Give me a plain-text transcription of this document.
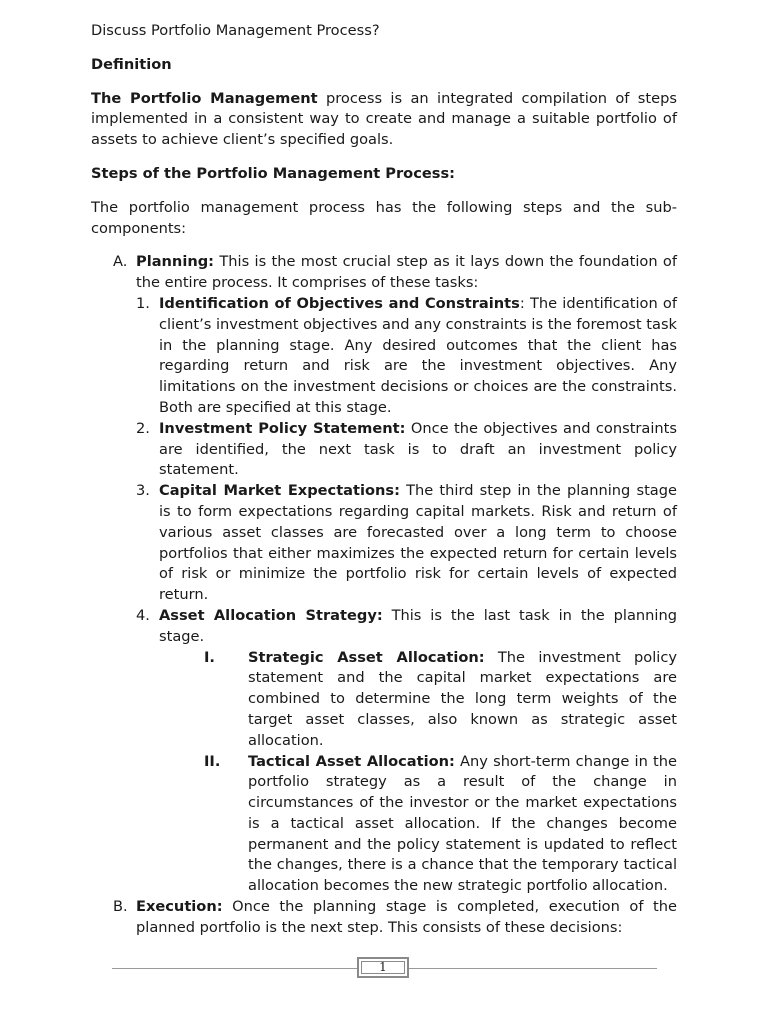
Discuss Portfolio Management Process?
Definition

The Portfolio Management process is an integrated compilation of steps implemented in a consistent way to create and manage a suitable portfolio of assets to achieve client’s specified goals.

Steps of the Portfolio Management Process:

The portfolio management process has the following steps and the sub-components:

A. Planning: This is the most crucial step as it lays down the foundation of the entire process. It comprises of these tasks:
1. Identification of Objectives and Constraints: The identification of client’s investment objectives and any constraints is the foremost task in the planning stage. Any desired outcomes that the client has regarding return and risk are the investment objectives. Any limitations on the investment decisions or choices are the constraints. Both are specified at this stage.
2. Investment Policy Statement: Once the objectives and constraints are identified, the next task is to draft an investment policy statement.
3. Capital Market Expectations: The third step in the planning stage is to form expectations regarding capital markets. Risk and return of various asset classes are forecasted over a long term to choose portfolios that either maximizes the expected return for certain levels of risk or minimize the portfolio risk for certain levels of expected return.
4. Asset Allocation Strategy: This is the last task in the planning stage.
I. Strategic Asset Allocation: The investment policy statement and the capital market expectations are combined to determine the long term weights of the target asset classes, also known as strategic asset allocation.
II. Tactical Asset Allocation: Any short-term change in the portfolio strategy as a result of the change in circumstances of the investor or the market expectations is a tactical asset allocation. If the changes become permanent and the policy statement is updated to reflect the changes, there is a chance that the temporary tactical allocation becomes the new strategic portfolio allocation.
B. Execution: Once the planning stage is completed, execution of the planned portfolio is the next step. This consists of these decisions:
1
